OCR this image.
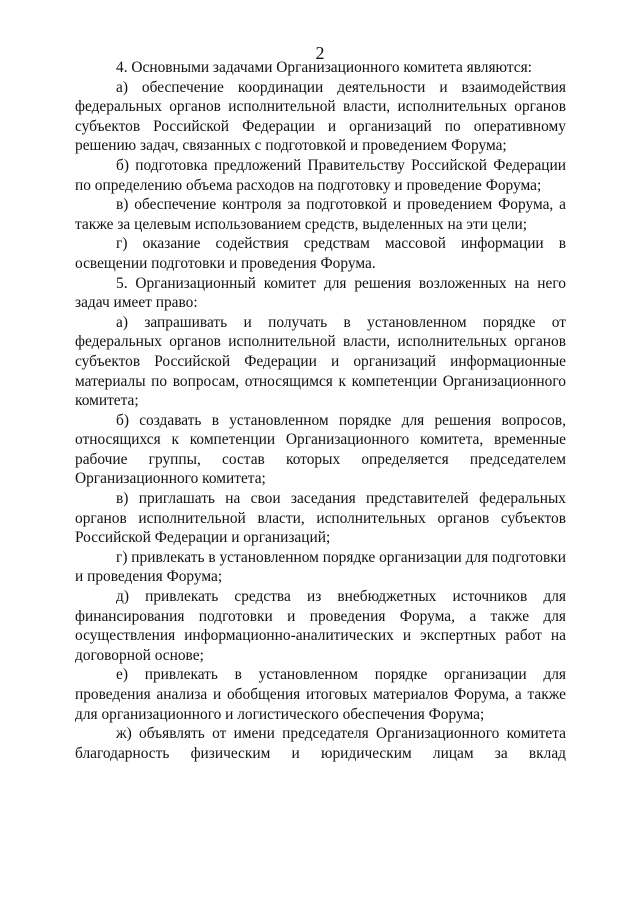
2

4. Основными задачами Организационного комитета являются:

а) обеспечение координации деятельности и взаимодействия федеральных органов исполнительной власти, исполнительных органов субъектов Российской Федерации и организаций по оперативному решению задач, связанных с подготовкой и проведением Форума;

б) подготовка предложений Правительству Российской Федерации по определению объема расходов на подготовку и проведение Форума;

в) обеспечение контроля за подготовкой и проведением Форума, а также за целевым использованием средств, выделенных на эти цели;

г) оказание содействия средствам массовой информации в освещении подготовки и проведения Форума.

5. Организационный комитет для решения возложенных на него задач имеет право:

а) запрашивать и получать в установленном порядке от федеральных органов исполнительной власти, исполнительных органов субъектов Российской Федерации и организаций информационные материалы по вопросам, относящимся к компетенции Организационного комитета;

б) создавать в установленном порядке для решения вопросов, относящихся к компетенции Организационного комитета, временные рабочие группы, состав которых определяется председателем Организационного комитета;

в) приглашать на свои заседания представителей федеральных органов исполнительной власти, исполнительных органов субъектов Российской Федерации и организаций;

г) привлекать в установленном порядке организации для подготовки и проведения Форума;

д) привлекать средства из внебюджетных источников для финансирования подготовки и проведения Форума, а также для осуществления информационно-аналитических и экспертных работ на договорной основе;

е) привлекать в установленном порядке организации для проведения анализа и обобщения итоговых материалов Форума, а также для организационного и логистического обеспечения Форума;

ж) объявлять от имени председателя Организационного комитета благодарность физическим и юридическим лицам за вклад
